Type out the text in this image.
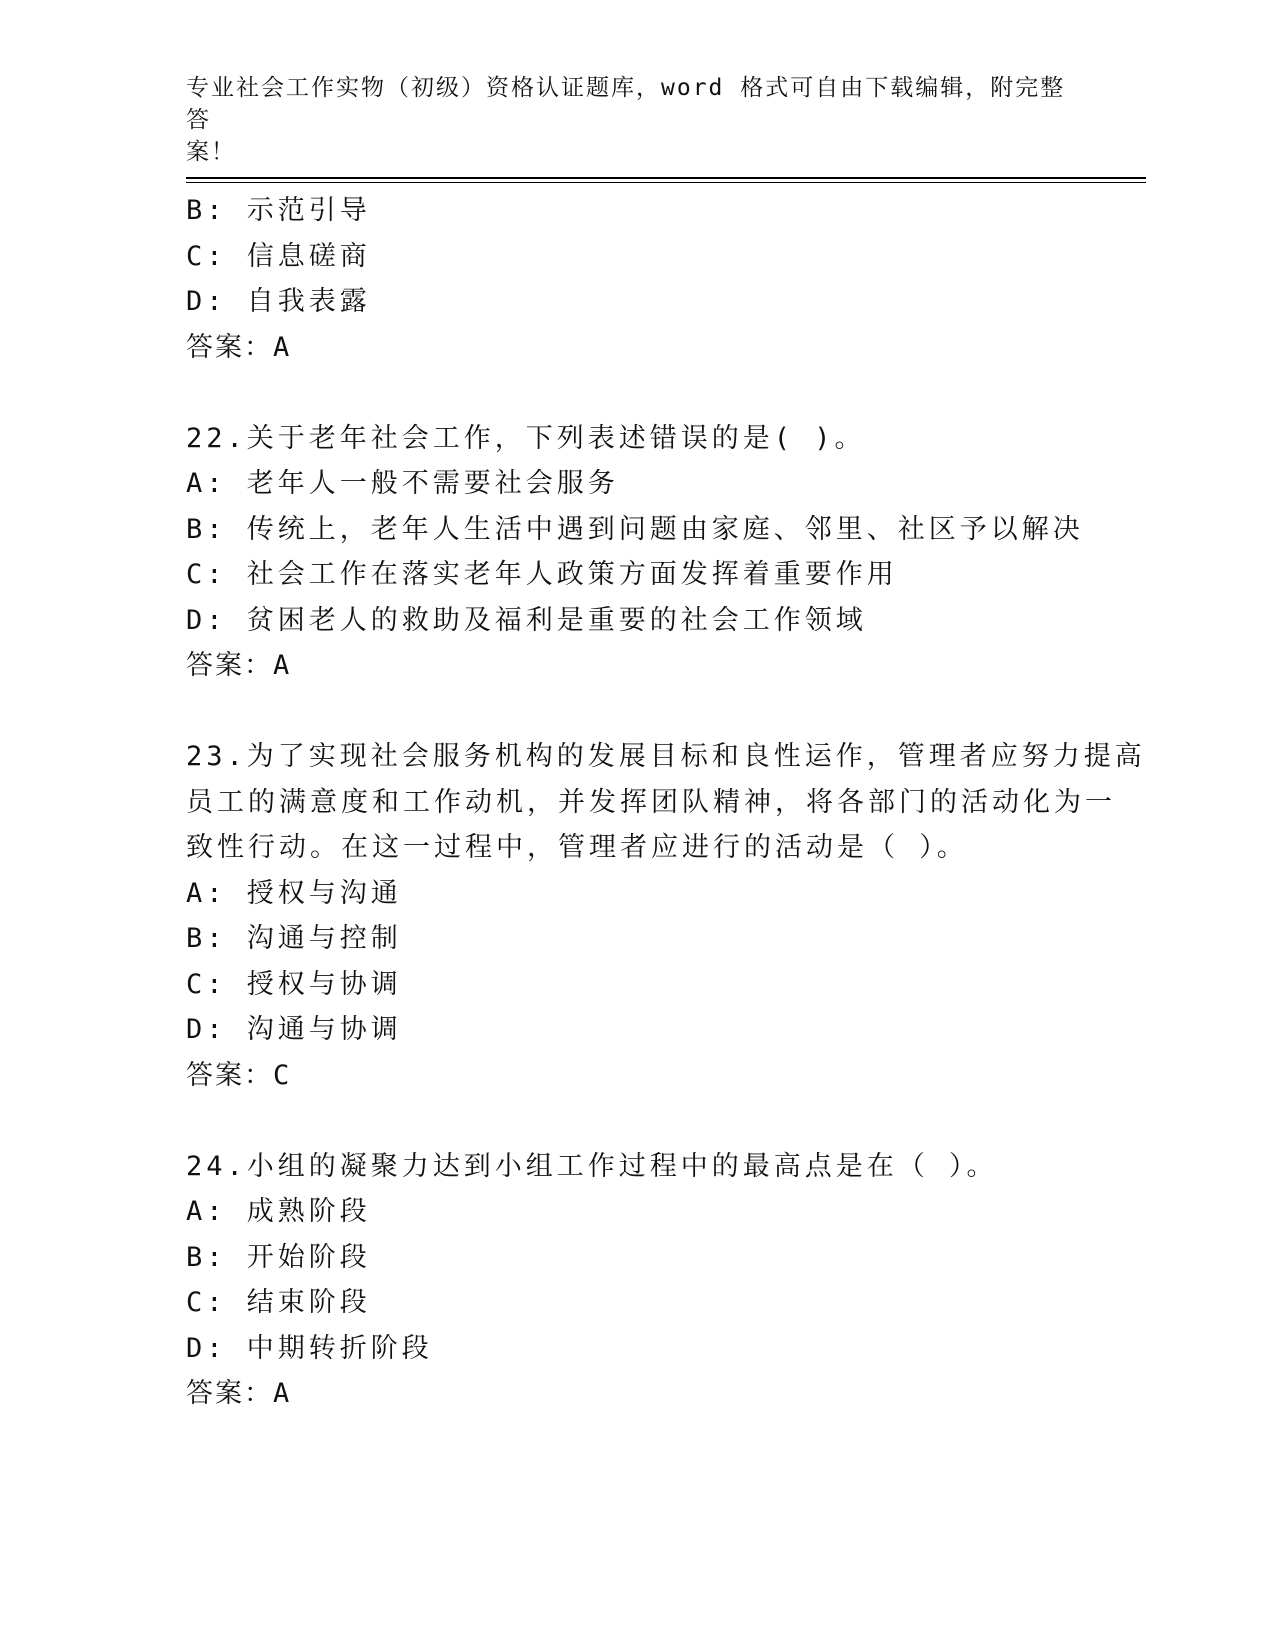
专业社会工作实物（初级）资格认证题库，word 格式可自由下载编辑，附完整答
案！
B: 示范引导
C: 信息磋商
D: 自我表露
答案：A
22.关于老年社会工作，下列表述错误的是( )。
A: 老年人一般不需要社会服务
B: 传统上，老年人生活中遇到问题由家庭、邻里、社区予以解决
C: 社会工作在落实老年人政策方面发挥着重要作用
D: 贫困老人的救助及福利是重要的社会工作领域
答案：A
23.为了实现社会服务机构的发展目标和良性运作，管理者应努力提高
员工的满意度和工作动机，并发挥团队精神，将各部门的活动化为一
致性行动。在这一过程中，管理者应进行的活动是（ ）。
A: 授权与沟通
B: 沟通与控制
C: 授权与协调
D: 沟通与协调
答案：C
24.小组的凝聚力达到小组工作过程中的最高点是在（ ）。
A: 成熟阶段
B: 开始阶段
C: 结束阶段
D: 中期转折阶段
答案：A
